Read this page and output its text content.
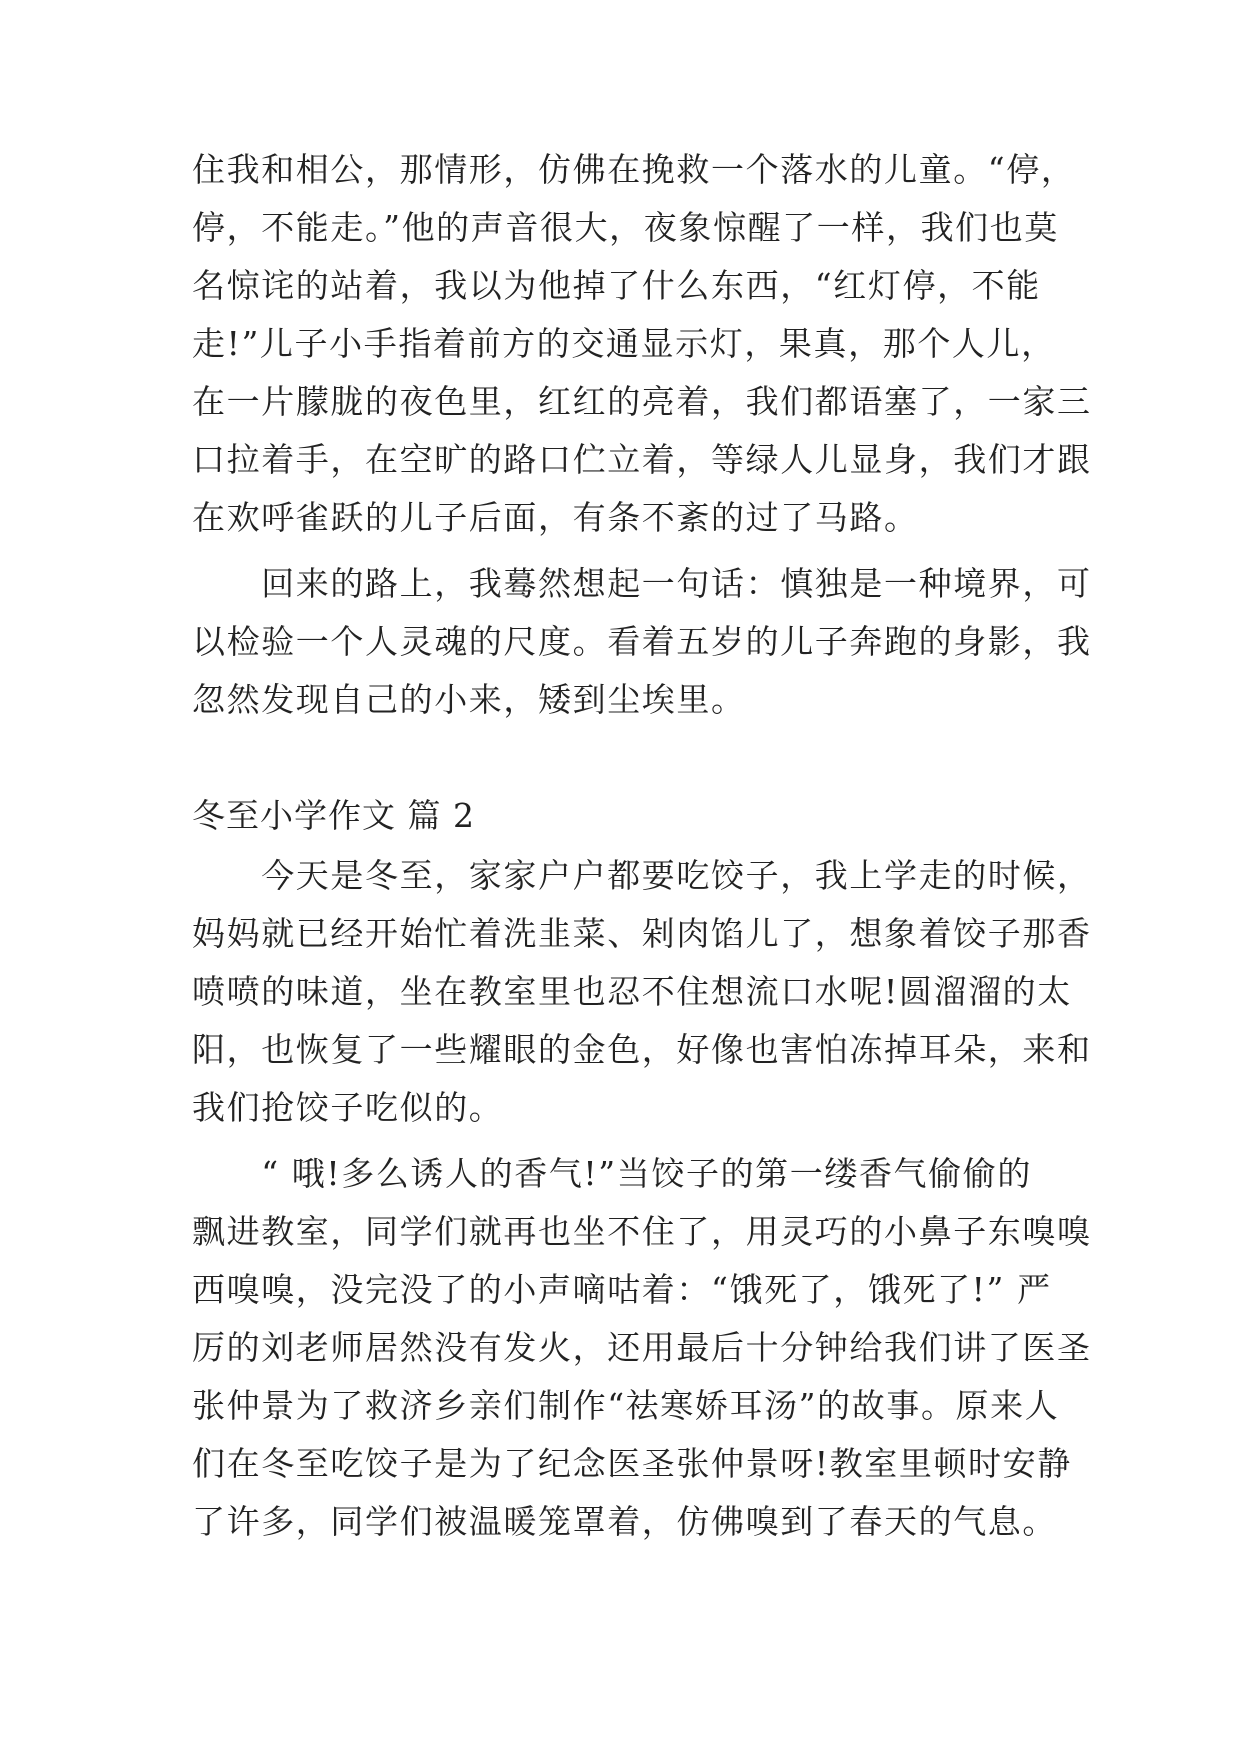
住我和相公，那情形，仿佛在挽救一个落水的儿童。“停，
停，不能走。”他的声音很大，夜象惊醒了一样，我们也莫
名惊诧的站着，我以为他掉了什么东西，“红灯停，不能
走!”儿子小手指着前方的交通显示灯，果真，那个人儿，
在一片朦胧的夜色里，红红的亮着，我们都语塞了，一家三
口拉着手，在空旷的路口伫立着，等绿人儿显身，我们才跟
在欢呼雀跃的儿子后面，有条不紊的过了马路。
　　回来的路上，我蓦然想起一句话：慎独是一种境界，可
以检验一个人灵魂的尺度。看着五岁的儿子奔跑的身影，我
忽然发现自己的小来，矮到尘埃里。
冬至小学作文 篇 2
　　今天是冬至，家家户户都要吃饺子，我上学走的时候，
妈妈就已经开始忙着洗韭菜、剁肉馅儿了，想象着饺子那香
喷喷的味道，坐在教室里也忍不住想流口水呢!圆溜溜的太
阳，也恢复了一些耀眼的金色，好像也害怕冻掉耳朵，来和
我们抢饺子吃似的。
　　“ 哦!多么诱人的香气!”当饺子的第一缕香气偷偷的
飘进教室，同学们就再也坐不住了，用灵巧的小鼻子东嗅嗅
西嗅嗅，没完没了的小声嘀咕着：“饿死了，饿死了!” 严
厉的刘老师居然没有发火，还用最后十分钟给我们讲了医圣
张仲景为了救济乡亲们制作“祛寒娇耳汤”的故事。原来人
们在冬至吃饺子是为了纪念医圣张仲景呀!教室里顿时安静
了许多，同学们被温暖笼罩着，仿佛嗅到了春天的气息。
